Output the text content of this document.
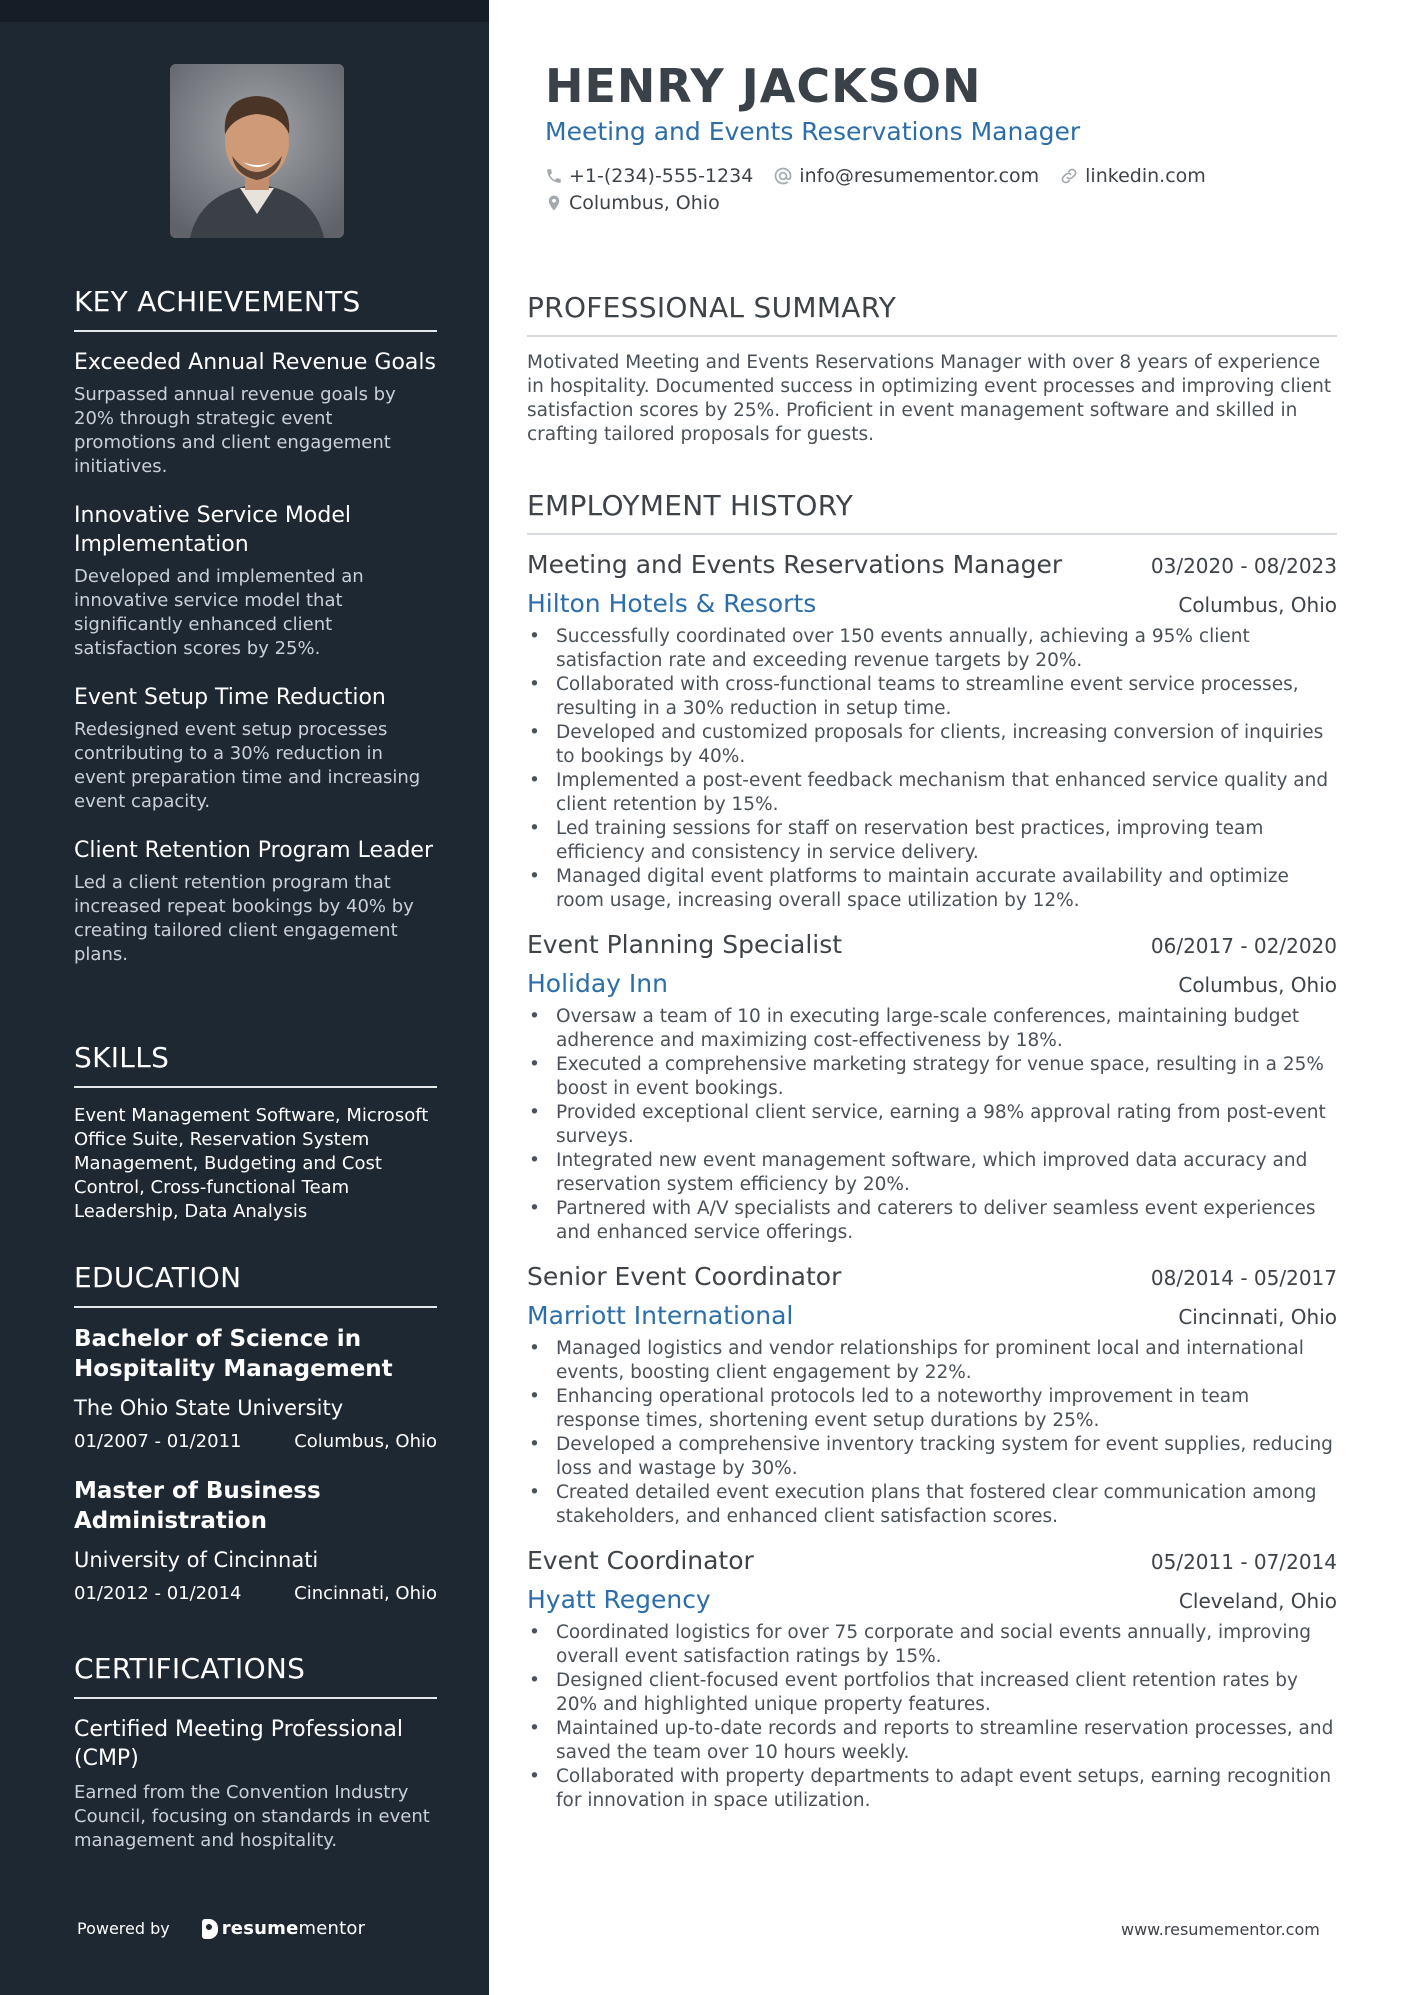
KEY ACHIEVEMENTS
Exceeded Annual Revenue Goals
Surpassed annual revenue goals by 20% through strategic event promotions and client engagement initiatives.
Innovative Service Model Implementation
Developed and implemented an innovative service model that significantly enhanced client satisfaction scores by 25%.
Event Setup Time Reduction
Redesigned event setup processes contributing to a 30% reduction in event preparation time and increasing event capacity.
Client Retention Program Leader
Led a client retention program that increased repeat bookings by 40% by creating tailored client engagement plans.
SKILLS
Event Management Software, Microsoft Office Suite, Reservation System Management, Budgeting and Cost Control, Cross-functional Team Leadership, Data Analysis
EDUCATION
Bachelor of Science in Hospitality Management
The Ohio State University
01/2007 - 01/2011	Columbus, Ohio
Master of Business Administration
University of Cincinnati
01/2012 - 01/2014	Cincinnati, Ohio
CERTIFICATIONS
Certified Meeting Professional (CMP)
Earned from the Convention Industry Council, focusing on standards in event management and hospitality.
Powered by	resume mentor
HENRY JACKSON
Meeting and Events Reservations Manager
+1-(234)-555-1234 info@resumementor.com linkedin.com
Columbus, Ohio
PROFESSIONAL SUMMARY
Motivated Meeting and Events Reservations Manager with over 8 years of experience in hospitality. Documented success in optimizing event processes and improving client satisfaction scores by 25%. Proficient in event management software and skilled in crafting tailored proposals for guests.
EMPLOYMENT HISTORY
Meeting and Events Reservations Manager	03/2020 - 08/2023
Hilton Hotels & Resorts	Columbus, Ohio
• Successfully coordinated over 150 events annually, achieving a 95% client satisfaction rate and exceeding revenue targets by 20%.
• Collaborated with cross-functional teams to streamline event service processes, resulting in a 30% reduction in setup time.
• Developed and customized proposals for clients, increasing conversion of inquiries to bookings by 40%.
• Implemented a post-event feedback mechanism that enhanced service quality and client retention by 15%.
• Led training sessions for staff on reservation best practices, improving team efficiency and consistency in service delivery.
• Managed digital event platforms to maintain accurate availability and optimize room usage, increasing overall space utilization by 12%.
Event Planning Specialist	06/2017 - 02/2020
Holiday Inn	Columbus, Ohio
• Oversaw a team of 10 in executing large-scale conferences, maintaining budget adherence and maximizing cost-effectiveness by 18%.
• Executed a comprehensive marketing strategy for venue space, resulting in a 25% boost in event bookings.
• Provided exceptional client service, earning a 98% approval rating from post-event surveys.
• Integrated new event management software, which improved data accuracy and reservation system efficiency by 20%.
• Partnered with A/V specialists and caterers to deliver seamless event experiences and enhanced service offerings.
Senior Event Coordinator	08/2014 - 05/2017
Marriott International	Cincinnati, Ohio
• Managed logistics and vendor relationships for prominent local and international events, boosting client engagement by 22%.
• Enhancing operational protocols led to a noteworthy improvement in team response times, shortening event setup durations by 25%.
• Developed a comprehensive inventory tracking system for event supplies, reducing loss and wastage by 30%.
• Created detailed event execution plans that fostered clear communication among stakeholders, and enhanced client satisfaction scores.
Event Coordinator	05/2011 - 07/2014
Hyatt Regency	Cleveland, Ohio
• Coordinated logistics for over 75 corporate and social events annually, improving overall event satisfaction ratings by 15%.
• Designed client-focused event portfolios that increased client retention rates by 20% and highlighted unique property features.
• Maintained up-to-date records and reports to streamline reservation processes, and saved the team over 10 hours weekly.
• Collaborated with property departments to adapt event setups, earning recognition for innovation in space utilization.
www.resumementor.com
